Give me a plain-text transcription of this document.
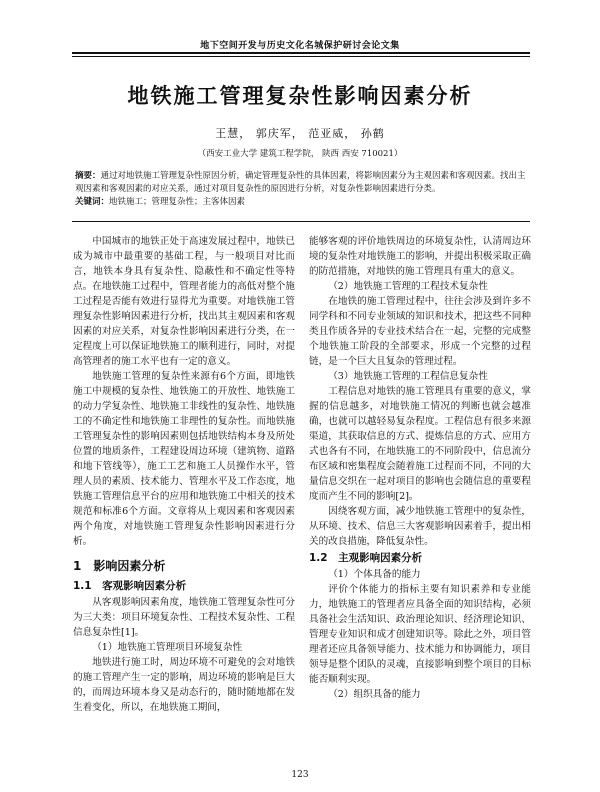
地下空间开发与历史文化名城保护研讨会论文集
地铁施工管理复杂性影响因素分析
王慧， 郭庆军， 范亚威， 孙鹤
（西安工业大学 建筑工程学院， 陕西 西安 710021）

摘要：通过对地铁施工管理复杂性原因分析，确定管理复杂性的具体因素，将影响因素分为主观因素和客观因素。找出主观因素和客观因素的对应关系，通过对项目复杂性的原因进行分析，对复杂性影响因素进行分类。

关键词：地铁施工；管理复杂性；主客体因素

中国城市的地铁正处于高速发展过程中，地铁已成为城市中最重要的基础工程，与一般项目对比而言，地铁本身具有复杂性、隐蔽性和不确定性等特点。在地铁施工过程中，管理者能力的高低对整个施工过程是否能有效进行显得尤为重要。对地铁施工管理复杂性影响因素进行分析，找出其主观因素和客观因素的对应关系，对复杂性影响因素进行分类，在一定程度上可以保证地铁施工的顺利进行，同时，对提高管理者的施工水平也有一定的意义。

地铁施工管理的复杂性来源有6个方面，即地铁施工中规模的复杂性、地铁施工的开放性、地铁施工的动力学复杂性、地铁施工非线性的复杂性、地铁施工的不确定性和地铁施工非理性的复杂性。而地铁施工管理复杂性的影响因素则包括地铁结构本身及所处位置的地质条件，工程建设周边环境（建筑物、道路和地下管线等），施工工艺和施工人员操作水平，管理人员的素质、技术能力、管理水平及工作态度，地铁施工管理信息平台的应用和地铁施工中相关的技术规范和标准6个方面。文章将从上观因素和客观因素两个角度，对地铁施工管理复杂性影响因素进行分析。

1　影响因素分析
1.1　客观影响因素分析

从客观影响因素角度，地铁施工管理复杂性可分为三大类：项目环境复杂性、工程技术复杂性、工程信息复杂性[1]。

（1）地铁施工管理项目环境复杂性

地铁进行施工时，周边环境不可避免的会对地铁的施工管理产生一定的影响，周边环境的影响是巨大的，而周边环境本身又是动态行的，随时随地都在发生着变化，所以，在地铁施工期间，

能够客观的评价地铁周边的环境复杂性，认清周边环境的复杂性对地铁施工的影响，并提出积极采取正确的防范措施，对地铁的施工管理具有重大的意义。

（2）地铁施工管理的工程技术复杂性

在地铁的施工管理过程中，往往会涉及到许多不同学科和不同专业领域的知识和技术，把这些不同种类且作质各异的专业技术结合在一起，完整的完成整个地铁施工阶段的全部要求，形成一个完整的过程链，是一个巨大且复杂的管理过程。

（3）地铁施工管理的工程信息复杂性

工程信息对地铁的施工管理具有重要的意义，掌握的信息越多，对地铁施工情况的判断也就会越准确，也就可以越轻易复杂程度。工程信息有很多来源渠道，其获取信息的方式、提炼信息的方式、应用方式也各有不同，在地铁施工的不同阶段中，信息流分布区域和密集程度会随着施工过程而不同，不同的大量信息交织在一起对项目的影响也会随信息的重要程度而产生不同的影响[2]。

因绕客观方面，减少地铁施工管理中的复杂性，从环境、技术、信息三大客观影响因素着手，提出相关的改良措施，降低复杂性。

1.2　主观影响因素分析

（1）个体具备的能力

评价个体能力的指标主要有知识素养和专业能力，地铁施工的管理者应具备全面的知识结构，必须具备社会生活知识、政治理论知识、经济理论知识、管理专业知识和成才创建知识等。除此之外，项目管理者还应具备领导能力、技术能力和协调能力，项目领导是整个团队的灵魂，直接影响到整个项目的目标能否顺利实现。

（2）组织具备的能力

123
